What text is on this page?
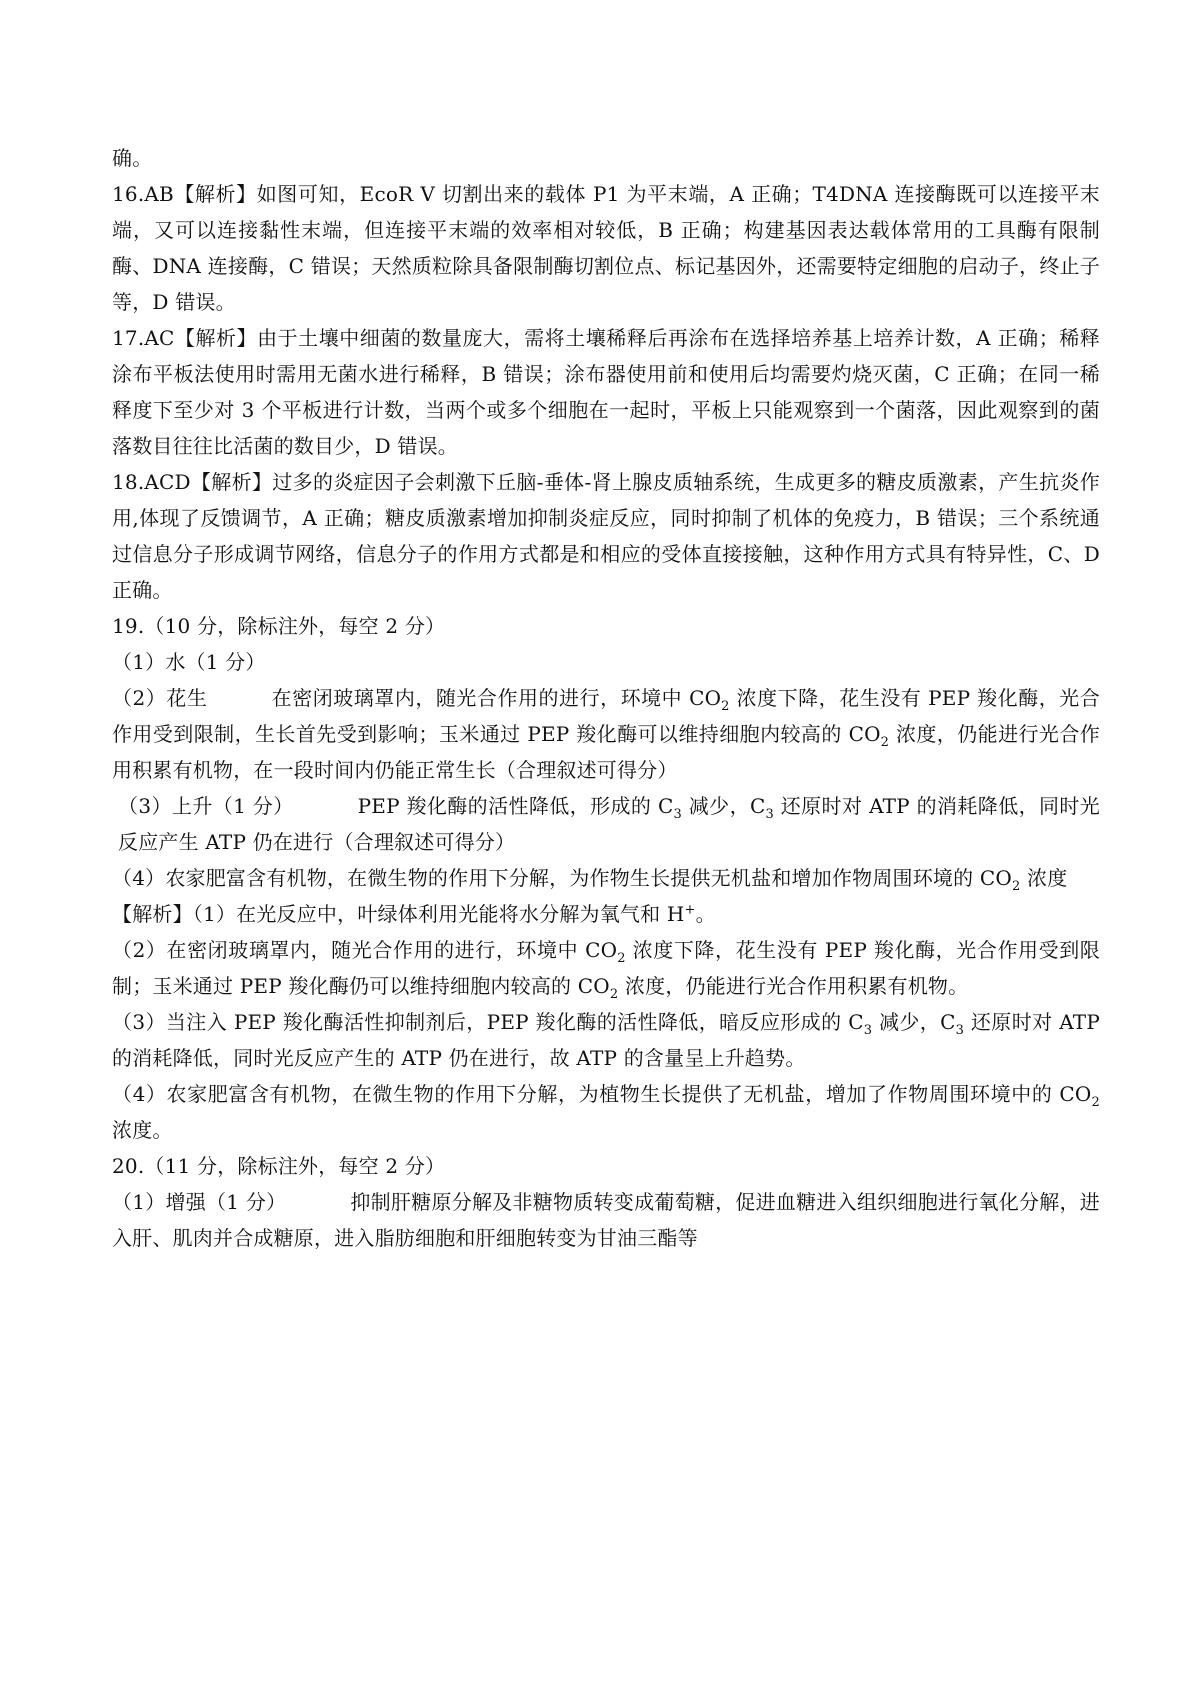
确。

16.AB【解析】如图可知，EcoR V 切割出来的载体 P1 为平末端，A 正确；T4DNA 连接酶既可以连接平末端，又可以连接黏性末端，但连接平末端的效率相对较低，B 正确；构建基因表达载体常用的工具酶有限制酶、DNA 连接酶，C 错误；天然质粒除具备限制酶切割位点、标记基因外，还需要特定细胞的启动子，终止子等，D 错误。

17.AC【解析】由于土壤中细菌的数量庞大，需将土壤稀释后再涂布在选择培养基上培养计数，A 正确；稀释涂布平板法使用时需用无菌水进行稀释，B 错误；涂布器使用前和使用后均需要灼烧灭菌，C 正确；在同一稀释度下至少对 3 个平板进行计数，当两个或多个细胞在一起时，平板上只能观察到一个菌落，因此观察到的菌落数目往往比活菌的数目少，D 错误。

18.ACD【解析】过多的炎症因子会刺激下丘脑-垂体-肾上腺皮质轴系统，生成更多的糖皮质激素，产生抗炎作用,体现了反馈调节，A 正确；糖皮质激素增加抑制炎症反应，同时抑制了机体的免疫力，B 错误；三个系统通过信息分子形成调节网络，信息分子的作用方式都是和相应的受体直接接触，这种作用方式具有特异性，C、D 正确。

19.（10 分，除标注外，每空 2 分）

（1）水（1 分）

（2）花生	在密闭玻璃罩内，随光合作用的进行，环境中 $CO_2$ 浓度下降，花生没有 PEP 羧化酶，光合作用受到限制，生长首先受到影响；玉米通过 PEP 羧化酶可以维持细胞内较高的 $CO_2$ 浓度，仍能进行光合作用积累有机物，在一段时间内仍能正常生长（合理叙述可得分）

（3）上升（1 分）	PEP 羧化酶的活性降低，形成的 $C_3$ 减少，$C_3$ 还原时对 ATP 的消耗降低，同时光反应产生 ATP 仍在进行（合理叙述可得分）

（4）农家肥富含有机物，在微生物的作用下分解，为作物生长提供无机盐和增加作物周围环境的 $CO_2$ 浓度

【解析】（1）在光反应中，叶绿体利用光能将水分解为氧气和 H+。

（2）在密闭玻璃罩内，随光合作用的进行，环境中 $CO_2$ 浓度下降，花生没有 PEP 羧化酶，光合作用受到限制；玉米通过 PEP 羧化酶仍可以维持细胞内较高的 $CO_2$ 浓度，仍能进行光合作用积累有机物。

（3）当注入 PEP 羧化酶活性抑制剂后，PEP 羧化酶的活性降低，暗反应形成的 $C_3$ 减少，$C_3$ 还原时对 ATP 的消耗降低，同时光反应产生的 ATP 仍在进行，故 ATP 的含量呈上升趋势。

（4）农家肥富含有机物，在微生物的作用下分解，为植物生长提供了无机盐，增加了作物周围环境中的 $CO_2$ 浓度。

20.（11 分，除标注外，每空 2 分）

（1）增强（1 分）	抑制肝糖原分解及非糖物质转变成葡萄糖，促进血糖进入组织细胞进行氧化分解，进入肝、肌肉并合成糖原，进入脂肪细胞和肝细胞转变为甘油三酯等
